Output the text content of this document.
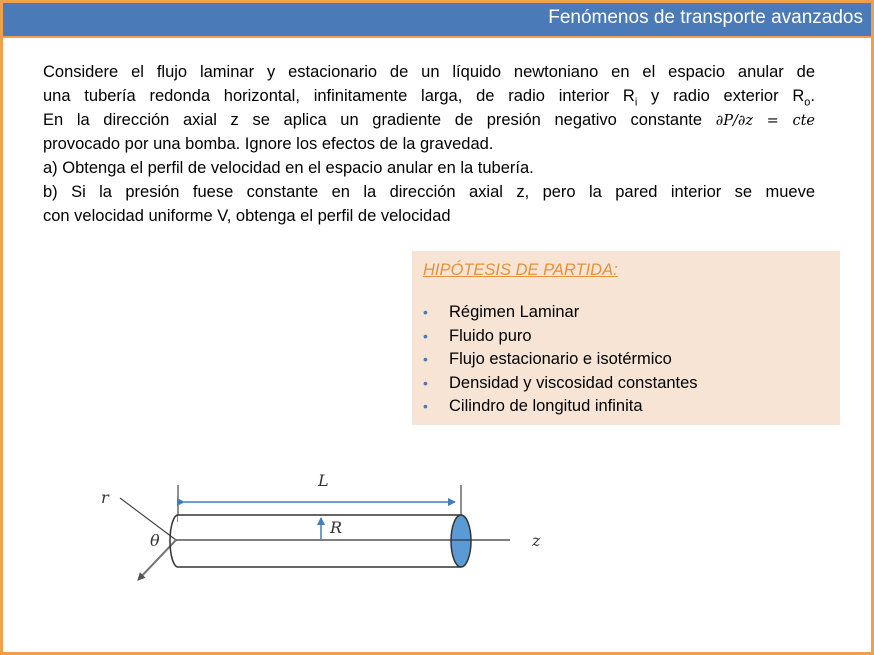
Fenómenos de transporte avanzados

Considere el flujo laminar y estacionario de un líquido newtoniano en el espacio anular de

una tubería redonda horizontal, infinitamente larga, de radio interior $R_i$ y radio exterior $R_o$.

En la dirección axial z se aplica un gradiente de presión negativo constante ∂P/∂z = cte

provocado por una bomba. Ignore los efectos de la gravedad.

a) Obtenga el perfil de velocidad en el espacio anular en la tubería.

b) Si la presión fuese constante en la dirección axial z, pero la pared interior se mueve

con velocidad uniforme V, obtenga el perfil de velocidad

HIPÓTESIS DE PARTIDA:
• Régimen Laminar
• Fluido puro
• Flujo estacionario e isotérmico
• Densidad y viscosidad constantes
• Cilindro de longitud infinita
L
R
r
θ	z
